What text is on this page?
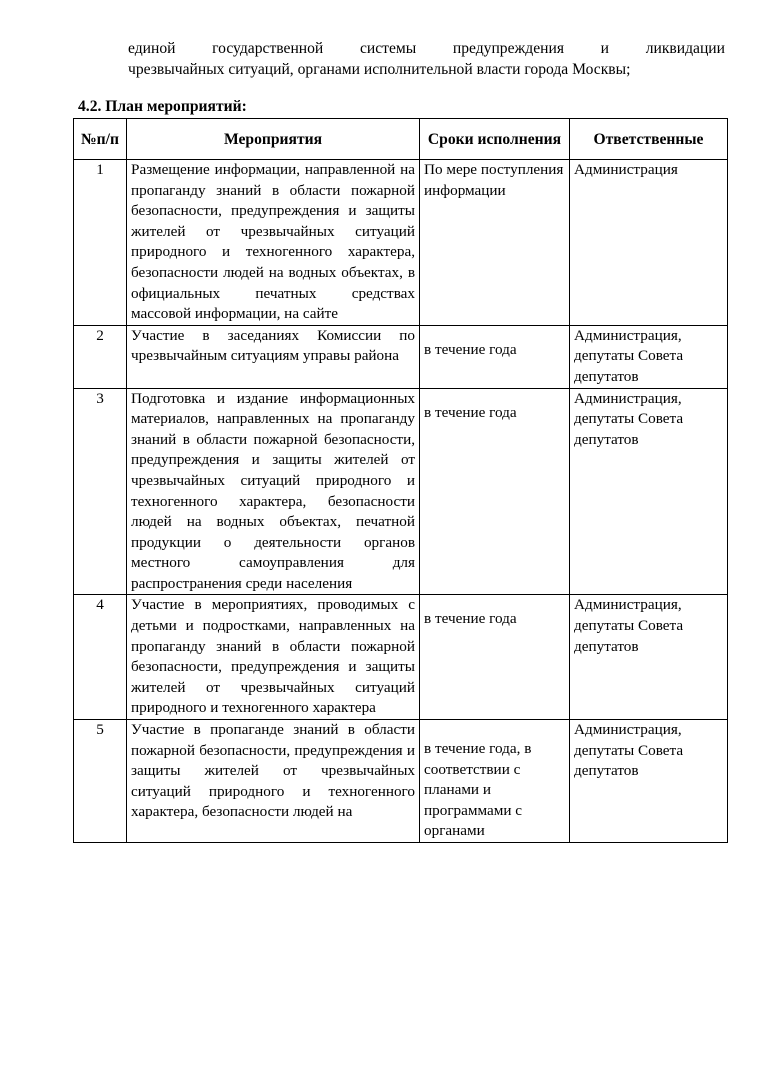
единой государственной системы предупреждения и ликвидации
чрезвычайных ситуаций, органами исполнительной власти города Москвы;
4.2. План мероприятий:
№п/п	Мероприятия	Сроки исполнения	Ответственные
1	Размещение информации, направленной на пропаганду знаний в области пожарной безопасности, предупреждения и защиты жителей от чрезвычайных ситуаций природного и техногенного характера, безопасности людей на водных объектах, в официальных печатных средствах массовой информации, на сайте	По мере поступления информации	Администрация
2	Участие в заседаниях Комиссии по чрезвычайным ситуациям управы района	в течение года	Администрация, депутаты Совета депутатов
3	Подготовка и издание информационных материалов, направленных на пропаганду знаний в области пожарной безопасности, предупреждения и защиты жителей от чрезвычайных ситуаций природного и техногенного характера, безопасности людей на водных объектах, печатной продукции о деятельности органов местного самоуправления для распространения среди населения	в течение года	Администрация, депутаты Совета депутатов
4	Участие в мероприятиях, проводимых с детьми и подростками, направленных на пропаганду знаний в области пожарной безопасности, предупреждения и защиты жителей от чрезвычайных ситуаций природного и техногенного характера	в течение года	Администрация, депутаты Совета депутатов
5	Участие в пропаганде знаний в области пожарной безопасности, предупреждения и защиты жителей от чрезвычайных ситуаций природного и техногенного характера, безопасности людей на	в течение года, в соответствии с планами и программами с органами	Администрация, депутаты Совета депутатов
